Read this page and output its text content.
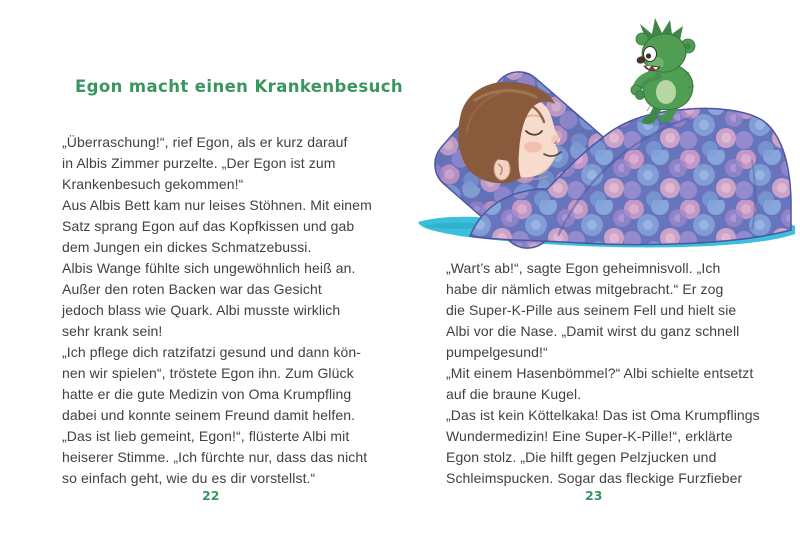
Egon macht einen Krankenbesuch
„Überraschung!“, rief Egon, als er kurz darauf
in Albis Zimmer purzelte. „Der Egon ist zum
Krankenbesuch gekommen!“
Aus Albis Bett kam nur leises Stöhnen. Mit einem
Satz sprang Egon auf das Kopfkissen und gab
dem Jungen ein dickes Schmatzebussi.
Albis Wange fühlte sich ungewöhnlich heiß an.
Außer den roten Backen war das Gesicht
jedoch blass wie Quark. Albi musste wirklich
sehr krank sein!
„Ich pflege dich ratzifatzi gesund und dann kön-
nen wir spielen“, tröstete Egon ihn. Zum Glück
hatte er die gute Medizin von Oma Krumpfling
dabei und konnte seinem Freund damit helfen.
„Das ist lieb gemeint, Egon!“, flüsterte Albi mit
heiserer Stimme. „Ich fürchte nur, dass das nicht
so einfach geht, wie du es dir vorstellst.“
22
„Wart’s ab!“, sagte Egon geheimnisvoll. „Ich
habe dir nämlich etwas mitgebracht.“ Er zog
die Super-K-Pille aus seinem Fell und hielt sie
Albi vor die Nase. „Damit wirst du ganz schnell
pumpelgesund!“
„Mit einem Hasenbömmel?“ Albi schielte entsetzt
auf die braune Kugel.
„Das ist kein Köttelkaka! Das ist Oma Krumpflings
Wundermedizin! Eine Super-K-Pille!“, erklärte
Egon stolz. „Die hilft gegen Pelzjucken und
Schleimspucken. Sogar das fleckige Furzfieber
23
